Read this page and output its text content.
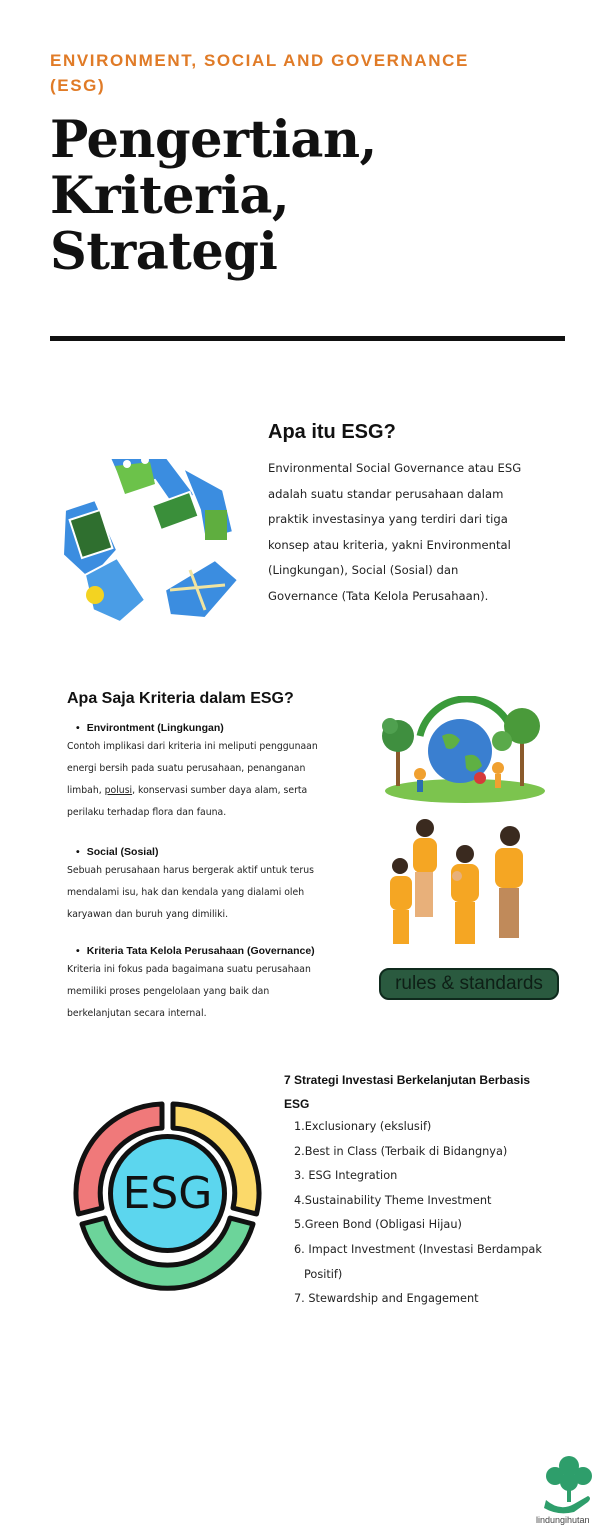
ENVIRONMENT, SOCIAL AND GOVERNANCE
(ESG)
Pengertian,
Kriteria,
Strategi
Apa itu ESG?
Environmental Social Governance atau ESG
adalah suatu standar perusahaan dalam
praktik investasinya yang terdiri dari tiga
konsep atau kriteria, yakni Environmental
(Lingkungan), Social (Sosial) dan
Governance (Tata Kelola Perusahaan).
Apa Saja Kriteria dalam ESG?
• Environtment (Lingkungan)
Contoh implikasi dari kriteria ini meliputi penggunaan
energi bersih pada suatu perusahaan, penanganan
limbah, polusi, konservasi sumber daya alam, serta
perilaku terhadap flora dan fauna.
• Social (Sosial)
Sebuah perusahaan harus bergerak aktif untuk terus
mendalami isu, hak dan kendala yang dialami oleh
karyawan dan buruh yang dimiliki.
• Kriteria Tata Kelola Perusahaan (Governance)
Kriteria ini fokus pada bagaimana suatu perusahaan
memiliki proses pengelolaan yang baik dan
berkelanjutan secara internal.
rules & standards
ESG
7 Strategi Investasi Berkelanjutan Berbasis
ESG
1.Exclusionary (ekslusif)
2.Best in Class (Terbaik di Bidangnya)
3. ESG Integration
4.Sustainability Theme Investment
5.Green Bond (Obligasi Hijau)
6. Impact Investment (Investasi Berdampak
Positif)
7. Stewardship and Engagement
lindungihutan
